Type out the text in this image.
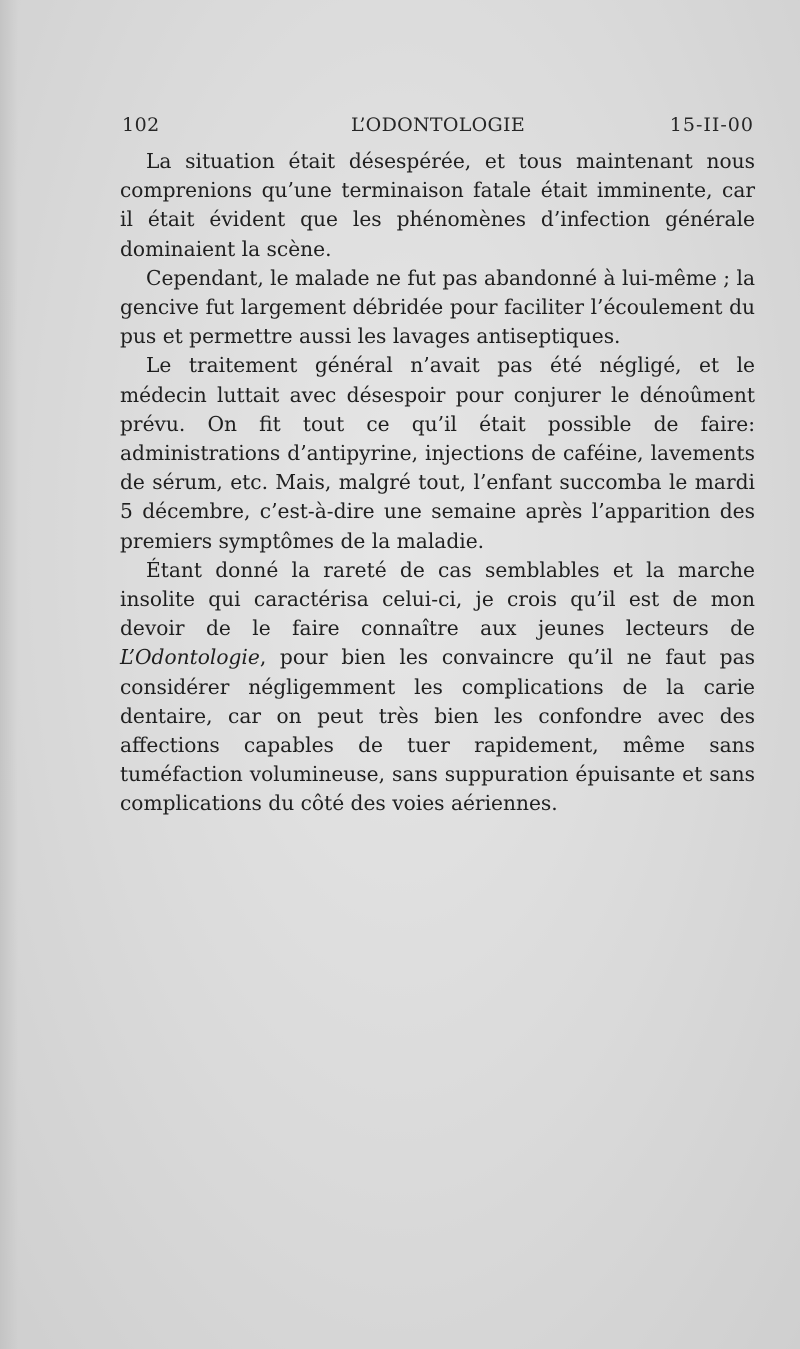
102	L’ODONTOLOGIE	15-II-00

La situation était désespérée, et tous maintenant nous comprenions qu’une terminaison fatale était imminente, car il était évident que les phénomènes d’infection générale dominaient la scène.

Cependant, le malade ne fut pas abandonné à lui-même ; la gencive fut largement débridée pour faciliter l’écoulement du pus et permettre aussi les lavages antiseptiques.

Le traitement général n’avait pas été négligé, et le médecin luttait avec désespoir pour conjurer le dénoûment prévu. On fit tout ce qu’il était possible de faire: administrations d’antipyrine, injections de caféine, lavements de sérum, etc. Mais, malgré tout, l’enfant succomba le mardi 5 décembre, c’est-à-dire une semaine après l’apparition des premiers symptômes de la maladie.

Étant donné la rareté de cas semblables et la marche insolite qui caractérisa celui-ci, je crois qu’il est de mon devoir de le faire connaître aux jeunes lecteurs de L’Odontologie, pour bien les convaincre qu’il ne faut pas considérer négligemment les complications de la carie dentaire, car on peut très bien les confondre avec des affections capables de tuer rapidement, même sans tuméfaction volumineuse, sans suppuration épuisante et sans complications du côté des voies aériennes.
